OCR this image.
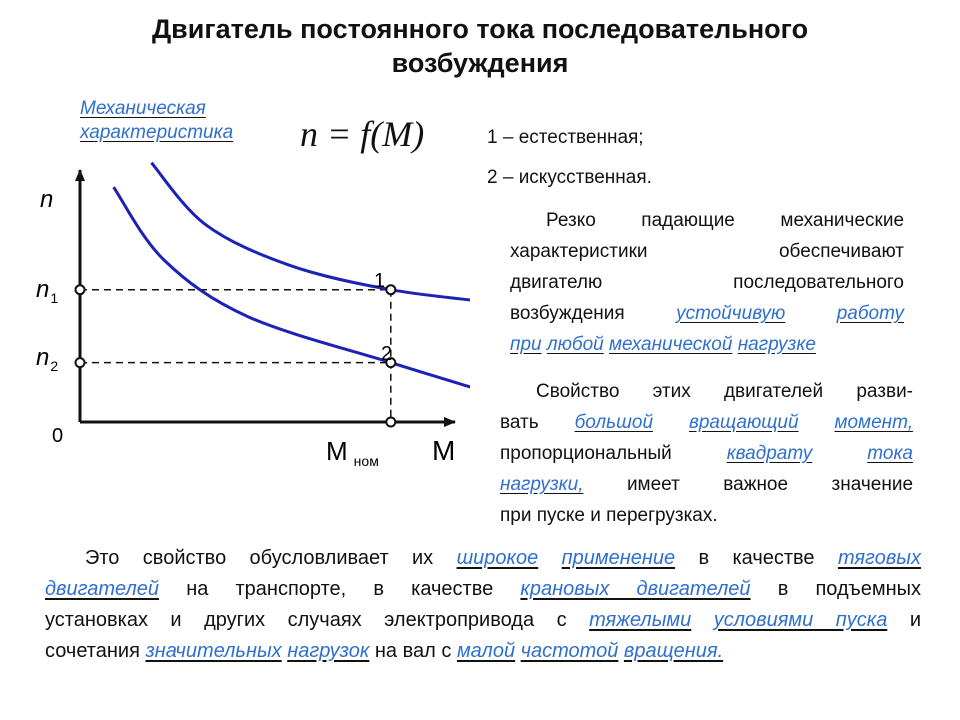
Двигатель постоянного тока последовательного
возбуждения
Механическая
характеристика n = f(M)	1 – естественная;
2 – искусственная.
n
M
0
$n_1$
$n_2$
M $_{ном}$
1
2
Резко падающие механические
характеристики	обеспечивают
двигателю	последовательного
возбуждения	устойчивую	работу
при любой механической нагрузке
Свойство этих двигателей разви-
вать большой вращающий момент,
пропорциональный	квадрату	тока
нагрузки, имеет важное значение
при пуске и перегрузках.
Это свойство обусловливает их широкое применение в качестве тяговых
двигателей на транспорте, в качестве крановых двигателей в подъемных
установках и других случаях электропривода с тяжелыми условиями пуска и
сочетания значительных нагрузок на вал с малой частотой вращения.
